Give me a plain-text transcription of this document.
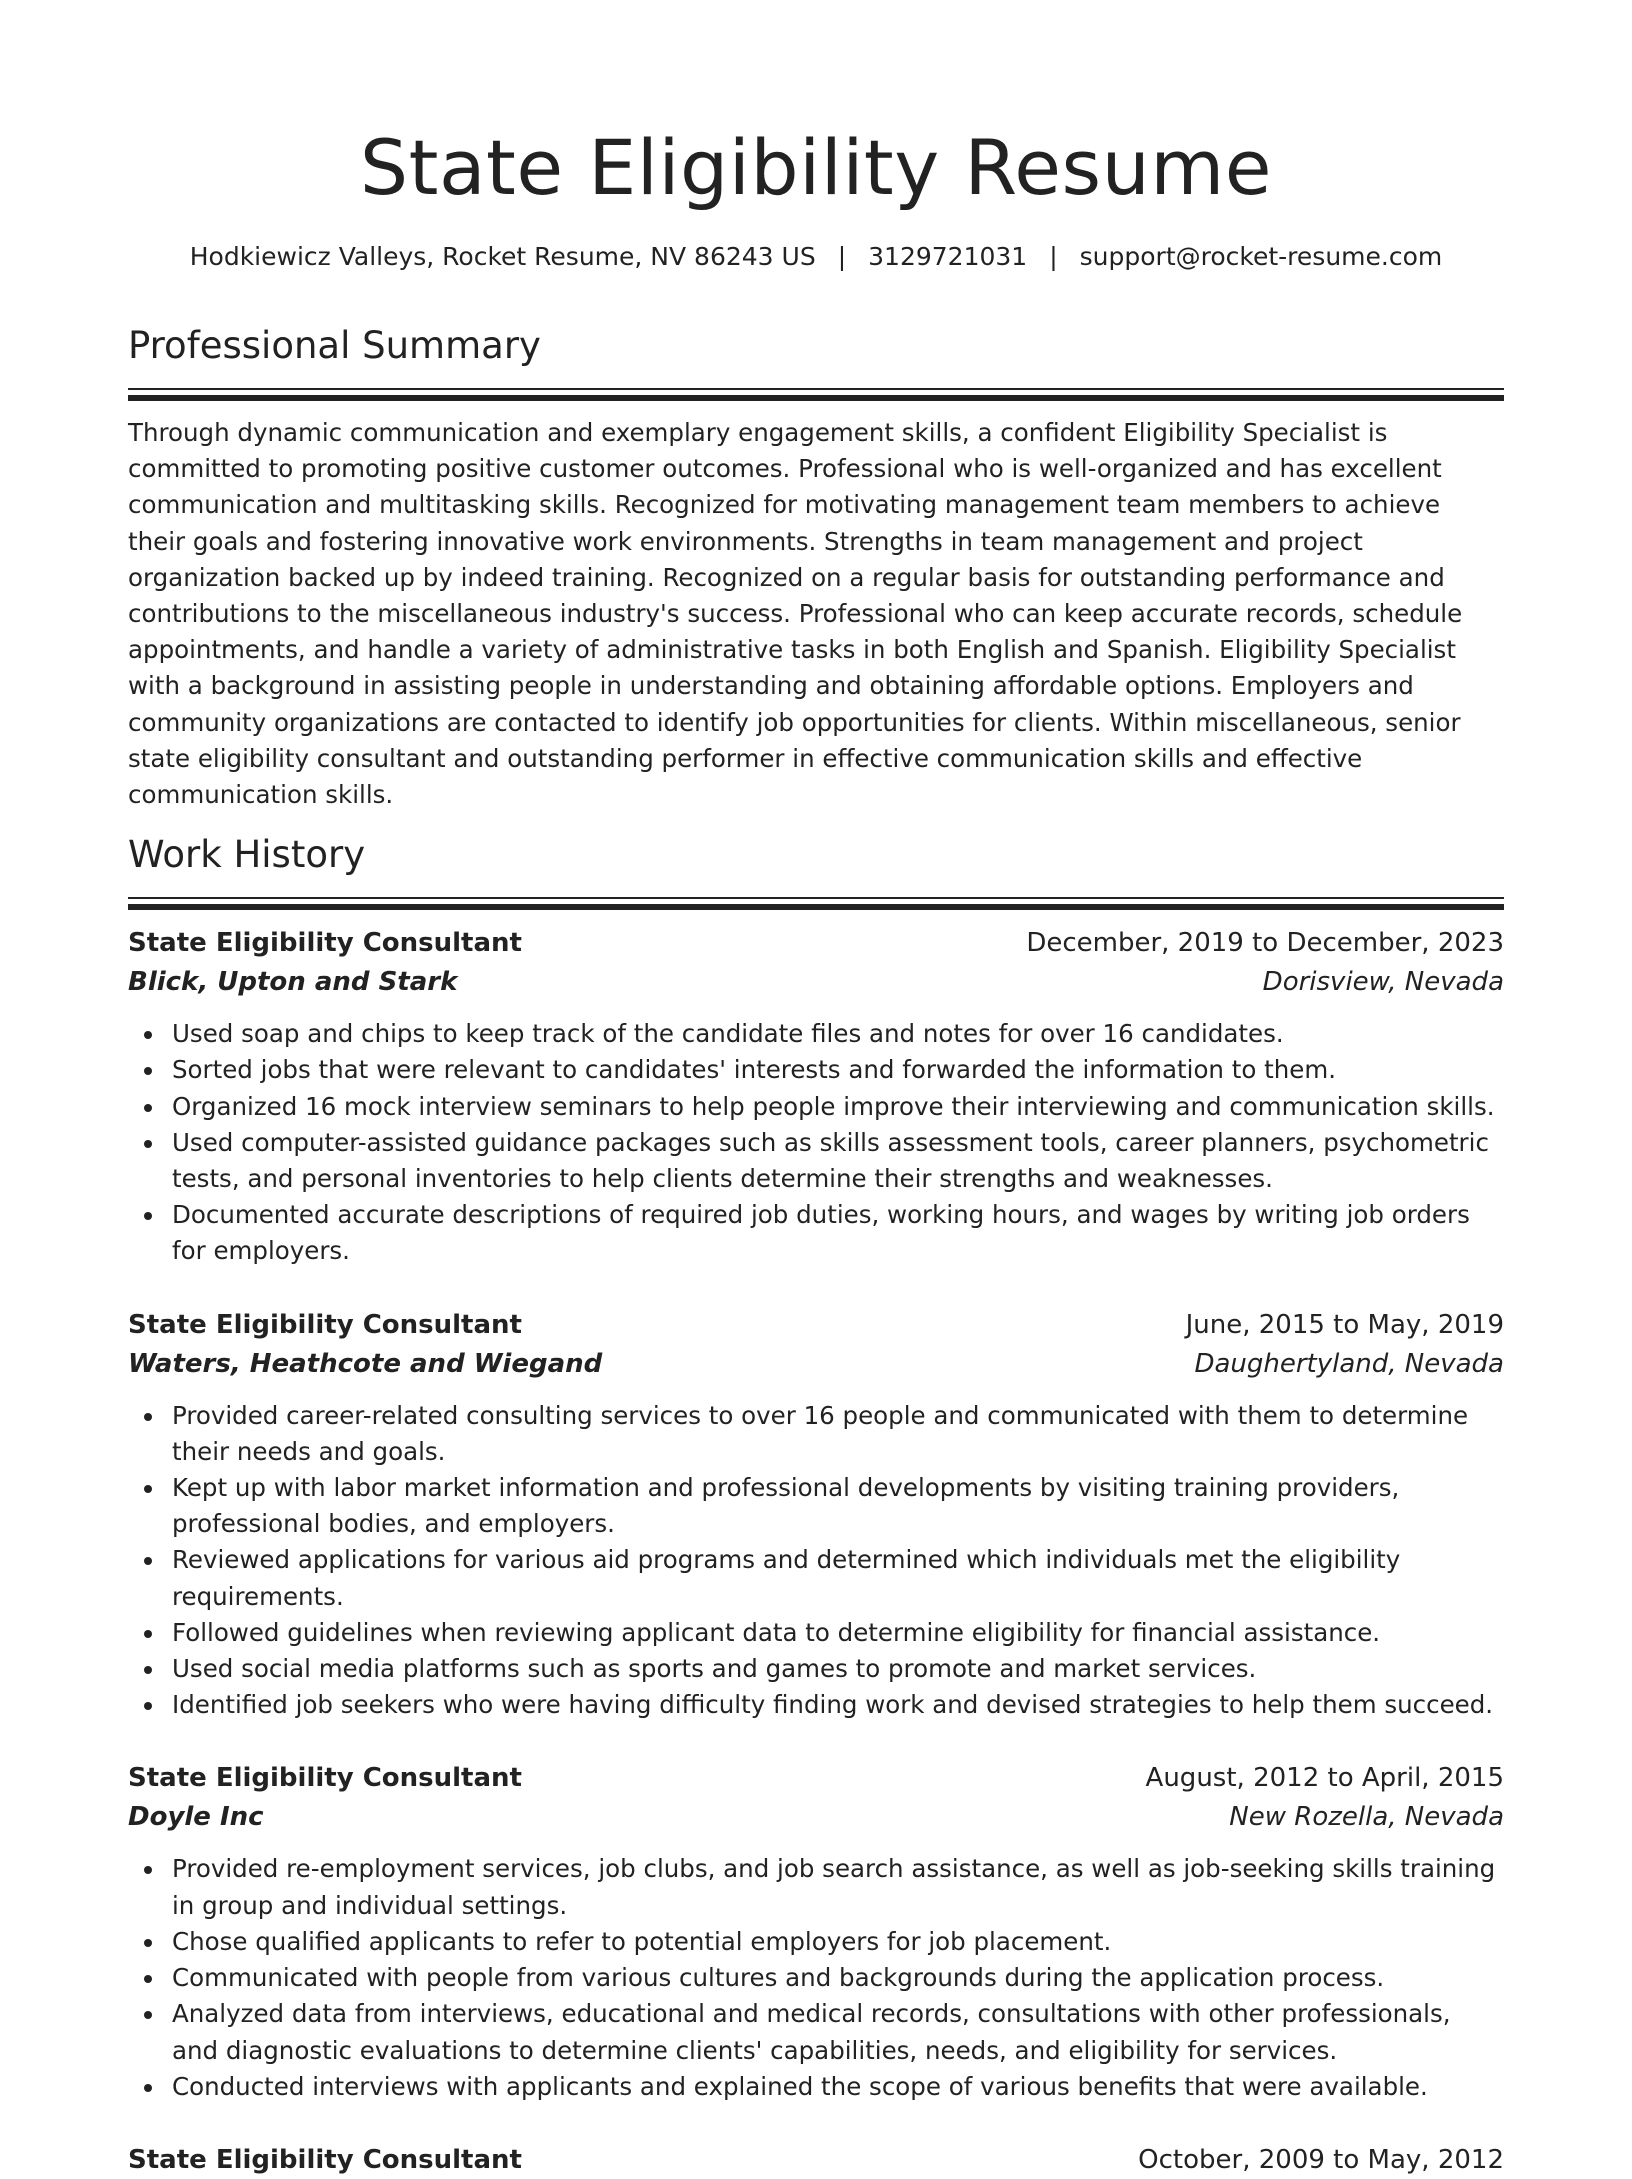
State Eligibility Resume
Hodkiewicz Valleys, Rocket Resume, NV 86243 US | 3129721031 | support@rocket-resume.com
Professional Summary

Through dynamic communication and exemplary engagement skills, a confident Eligibility Specialist is committed to promoting positive customer outcomes. Professional who is well-organized and has excellent communication and multitasking skills. Recognized for motivating management team members to achieve their goals and fostering innovative work environments. Strengths in team management and project organization backed up by indeed training. Recognized on a regular basis for outstanding performance and contributions to the miscellaneous industry's success. Professional who can keep accurate records, schedule appointments, and handle a variety of administrative tasks in both English and Spanish. Eligibility Specialist with a background in assisting people in understanding and obtaining affordable options. Employers and community organizations are contacted to identify job opportunities for clients. Within miscellaneous, senior state eligibility consultant and outstanding performer in effective communication skills and effective communication skills.

Work History
State Eligibility Consultant	December, 2019 to December, 2023
Blick, Upton and Stark	Dorisview, Nevada
Used soap and chips to keep track of the candidate files and notes for over 16 candidates.
Sorted jobs that were relevant to candidates' interests and forwarded the information to them.
Organized 16 mock interview seminars to help people improve their interviewing and communication skills.
Used computer-assisted guidance packages such as skills assessment tools, career planners, psychometric tests, and personal inventories to help clients determine their strengths and weaknesses.
Documented accurate descriptions of required job duties, working hours, and wages by writing job orders for employers.
State Eligibility Consultant	June, 2015 to May, 2019
Waters, Heathcote and Wiegand	Daughertyland, Nevada
Provided career-related consulting services to over 16 people and communicated with them to determine their needs and goals.
Kept up with labor market information and professional developments by visiting training providers, professional bodies, and employers.
Reviewed applications for various aid programs and determined which individuals met the eligibility requirements.
Followed guidelines when reviewing applicant data to determine eligibility for financial assistance.
Used social media platforms such as sports and games to promote and market services.
Identified job seekers who were having difficulty finding work and devised strategies to help them succeed.
State Eligibility Consultant	August, 2012 to April, 2015
Doyle Inc	New Rozella, Nevada
Provided re-employment services, job clubs, and job search assistance, as well as job-seeking skills training in group and individual settings.
Chose qualified applicants to refer to potential employers for job placement.
Communicated with people from various cultures and backgrounds during the application process.
Analyzed data from interviews, educational and medical records, consultations with other professionals, and diagnostic evaluations to determine clients' capabilities, needs, and eligibility for services.
Conducted interviews with applicants and explained the scope of various benefits that were available.
State Eligibility Consultant	October, 2009 to May, 2012
